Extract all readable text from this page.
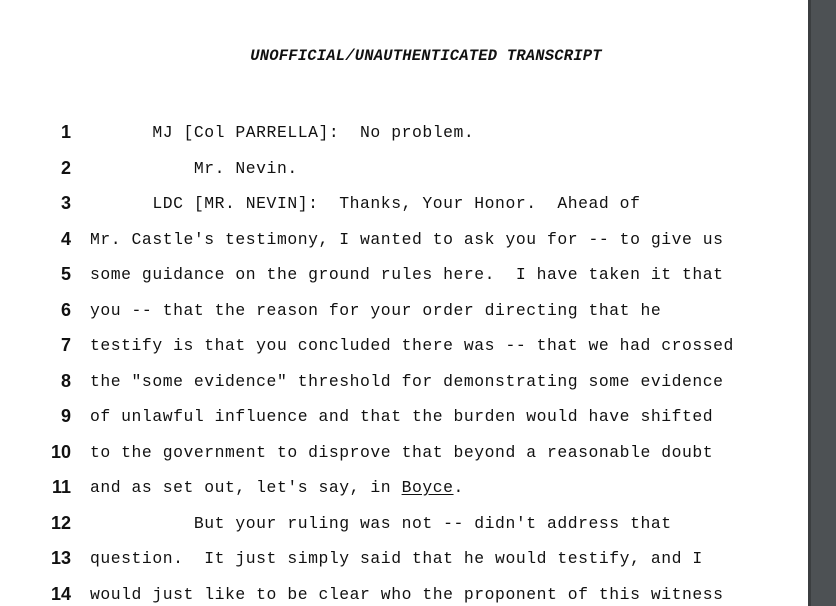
UNOFFICIAL/UNAUTHENTICATED TRANSCRIPT
1 MJ [Col PARRELLA]:  No problem.
2 Mr. Nevin.
3 LDC [MR. NEVIN]:  Thanks, Your Honor.  Ahead of
4 Mr. Castle's testimony, I wanted to ask you for -- to give us
5 some guidance on the ground rules here.  I have taken it that
6 you -- that the reason for your order directing that he
7 testify is that you concluded there was -- that we had crossed
8 the "some evidence" threshold for demonstrating some evidence
9 of unlawful influence and that the burden would have shifted
10 to the government to disprove that beyond a reasonable doubt
11 and as set out, let's say, in Boyce.
12 But your ruling was not -- didn't address that
13 question.  It just simply said that he would testify, and I
14 would just like to be clear who the proponent of this witness
